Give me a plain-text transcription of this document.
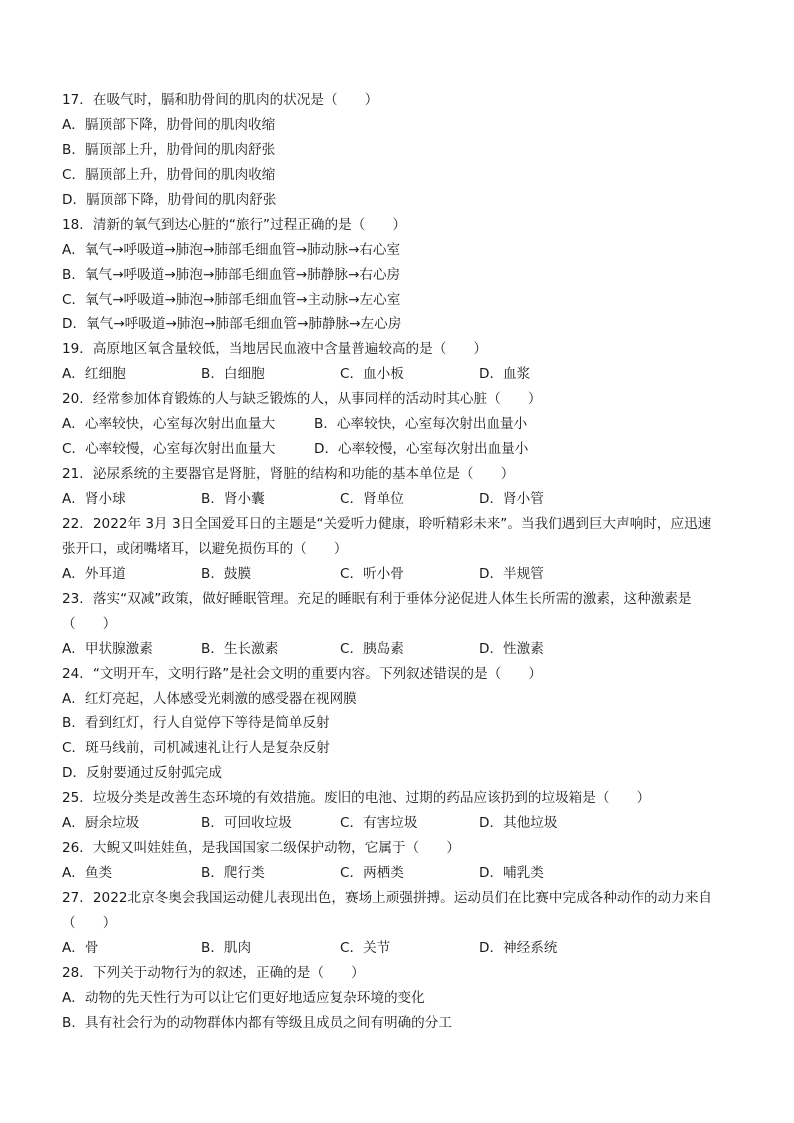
17．在吸气时，膈和肋骨间的肌肉的状况是（　　）
A．膈顶部下降，肋骨间的肌肉收缩
B．膈顶部上升，肋骨间的肌肉舒张
C．膈顶部上升，肋骨间的肌肉收缩
D．膈顶部下降，肋骨间的肌肉舒张
18．清新的氧气到达心脏的“旅行”过程正确的是（　　）
A．氧气→呼吸道→肺泡→肺部毛细血管→肺动脉→右心室
B．氧气→呼吸道→肺泡→肺部毛细血管→肺静脉→右心房
C．氧气→呼吸道→肺泡→肺部毛细血管→主动脉→左心室
D．氧气→呼吸道→肺泡→肺部毛细血管→肺静脉→左心房
19．高原地区氧含量较低，当地居民血液中含量普遍较高的是（　　）
A．红细胞	B．白细胞	C．血小板	D．血浆
20．经常参加体育锻炼的人与缺乏锻炼的人，从事同样的活动时其心脏（　　）
A．心率较快，心室每次射出血量大	B．心率较快，心室每次射出血量小
C．心率较慢，心室每次射出血量大	D．心率较慢，心室每次射出血量小
21．泌尿系统的主要器官是肾脏，肾脏的结构和功能的基本单位是（　　）
A．肾小球	B．肾小囊	C．肾单位	D．肾小管
22．2022年 3月 3日全国爱耳日的主题是“关爱听力健康，聆听精彩未来”。当我们遇到巨大声响时，应迅速
张开口，或闭嘴堵耳，以避免损伤耳的（　　）
A．外耳道	B．鼓膜	C．听小骨	D．半规管
23．落实“双减”政策，做好睡眠管理。充足的睡眠有利于垂体分泌促进人体生长所需的激素，这种激素是
（　　）
A．甲状腺激素	B．生长激素	C．胰岛素	D．性激素
24．“文明开车，文明行路”是社会文明的重要内容。下列叙述错误的是（　　）
A．红灯亮起，人体感受光刺激的感受器在视网膜
B．看到红灯，行人自觉停下等待是简单反射
C．斑马线前，司机减速礼让行人是复杂反射
D．反射要通过反射弧完成
25．垃圾分类是改善生态环境的有效措施。废旧的电池、过期的药品应该扔到的垃圾箱是（　　）
A．厨余垃圾	B．可回收垃圾	C．有害垃圾	D．其他垃圾
26．大鲵又叫娃娃鱼，是我国国家二级保护动物，它属于（　　）
A．鱼类	B．爬行类	C．两栖类	D．哺乳类
27．2022北京冬奥会我国运动健儿表现出色，赛场上顽强拼搏。运动员们在比赛中完成各种动作的动力来自
（　　）
A．骨	B．肌肉	C．关节	D．神经系统
28．下列关于动物行为的叙述，正确的是（　　）
A．动物的先天性行为可以让它们更好地适应复杂环境的变化
B．具有社会行为的动物群体内都有等级且成员之间有明确的分工
